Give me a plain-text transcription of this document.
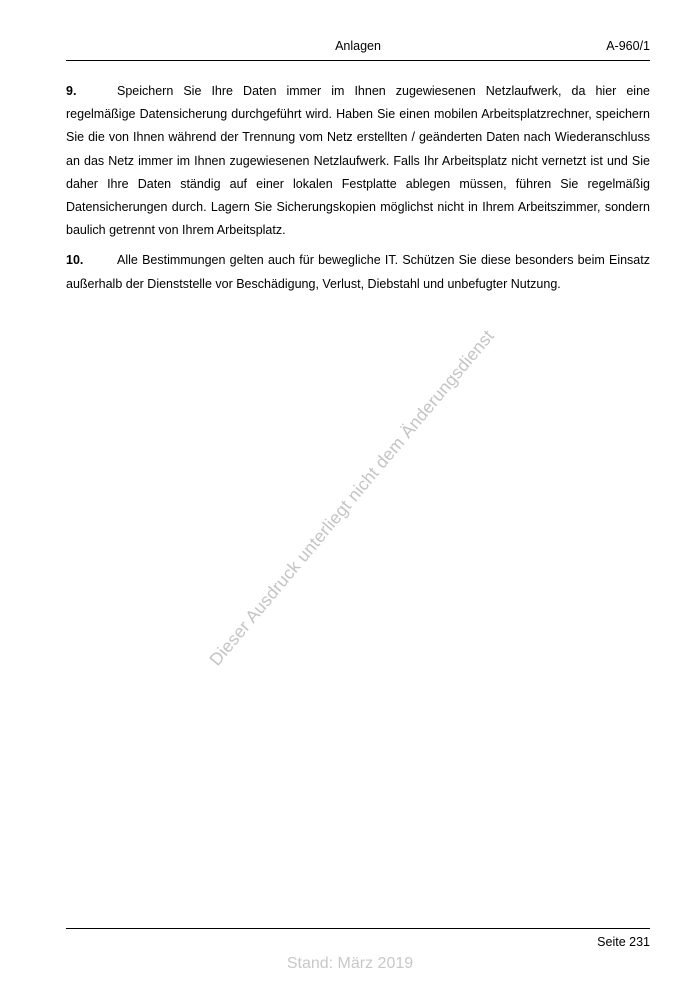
Anlagen	A-960/1

9.	Speichern Sie Ihre Daten immer im Ihnen zugewiesenen Netzlaufwerk, da hier eine regelmäßige Datensicherung durchgeführt wird. Haben Sie einen mobilen Arbeitsplatzrechner, speichern Sie die von Ihnen während der Trennung vom Netz erstellten / geänderten Daten nach Wiederanschluss an das Netz immer im Ihnen zugewiesenen Netzlaufwerk. Falls Ihr Arbeitsplatz nicht vernetzt ist und Sie daher Ihre Daten ständig auf einer lokalen Festplatte ablegen müssen, führen Sie regelmäßig Datensicherungen durch. Lagern Sie Sicherungskopien möglichst nicht in Ihrem Arbeitszimmer, sondern baulich getrennt von Ihrem Arbeitsplatz.

10.	Alle Bestimmungen gelten auch für bewegliche IT. Schützen Sie diese besonders beim Einsatz außerhalb der Dienststelle vor Beschädigung, Verlust, Diebstahl und unbefugter Nutzung.

Dieser Ausdruck unterliegt nicht dem Änderungsdienst
Seite 231
Stand: März 2019
